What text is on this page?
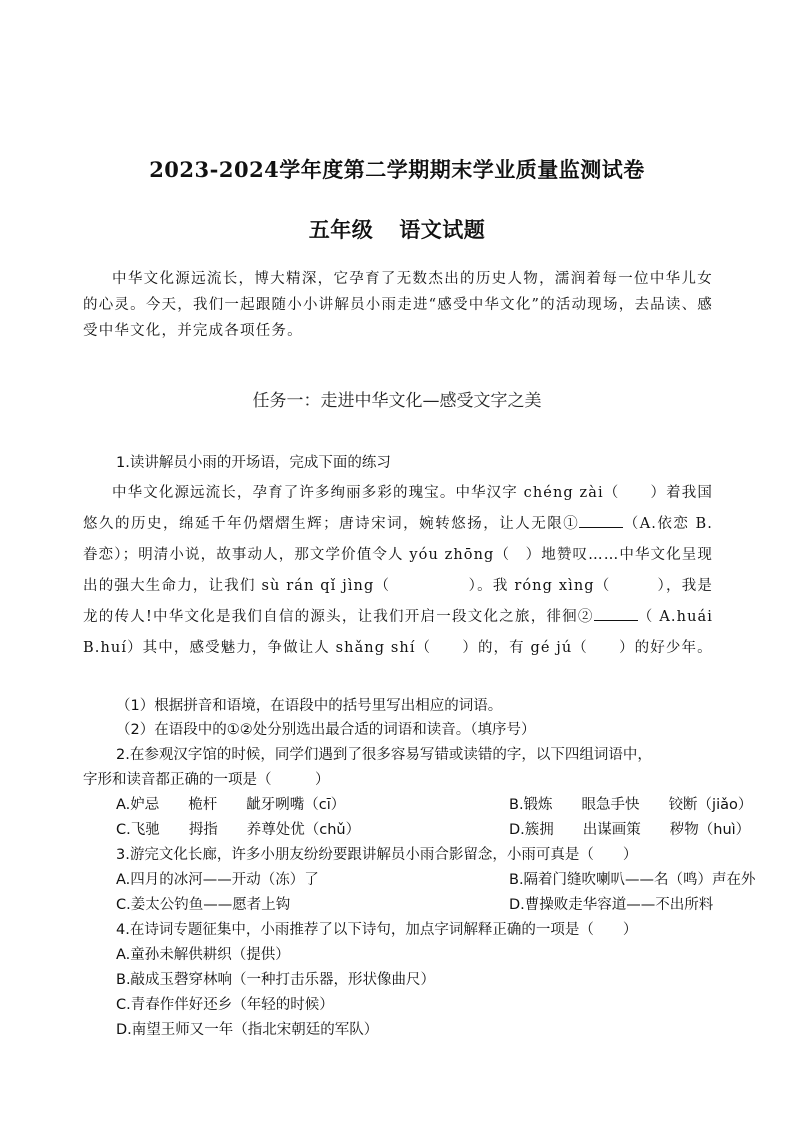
2023-2024学年度第二学期期末学业质量监测试卷
五年级 语文试题
中华文化源远流长，博大精深，它孕育了无数杰出的历史人物，濡润着每一位中华儿女的心灵。今天，我们一起跟随小小讲解员小雨走进“感受中华文化”的活动现场，去品读、感受中华文化，并完成各项任务。
任务一：走进中华文化—感受文字之美
1.读讲解员小雨的开场语，完成下面的练习
中华文化源远流长，孕育了许多绚丽多彩的瑰宝。中华汉字 chéng zài（　　）着我国悠久的历史，绵延千年仍熠熠生辉；唐诗宋词，婉转悠扬，让人无限①	（A.依恋 B.眷恋）；明清小说，故事动人，那文学价值令人 yóu zhōng（　）地赞叹……中华文化呈现出的强大生命力，让我们 sù rán qǐ jìng（　　　　　）。我 róng xìng（　　　），我是龙的传人!中华文化是我们自信的源头，让我们开启一段文化之旅，徘徊②	（ A.huái　B.huí）其中，感受魅力，争做让人 shǎng shí（　　）的，有 gé jú（　　）的好少年。
（1）根据拼音和语境，在语段中的括号里写出相应的词语。
（2）在语段中的①②处分别选出最合适的词语和读音。（填序号）
2.在参观汉字馆的时候，同学们遇到了很多容易写错或读错的字，以下四组词语中，
字形和读音都正确的一项是（　　　）
A.妒忌　　桅杆　　龇牙咧嘴（cī）	B.锻炼　　眼急手快　　铰断（jiǎo）
C.飞驰　　拇指　　养尊处优（chǔ）	D.簇拥　　出谋画策　　秽物（huì）
3.游完文化长廊，许多小朋友纷纷要跟讲解员小雨合影留念，小雨可真是（　　）
A.四月的冰河——开动（冻）了	B.隔着门缝吹喇叭——名（鸣）声在外
C.姜太公钓鱼——愿者上钩	D.曹操败走华容道——不出所料
4.在诗词专题征集中，小雨推荐了以下诗句，加点字词解释正确的一项是（　　）
A.童孙未解供耕织（提供）
B.敲成玉磬穿林响（一种打击乐器，形状像曲尺）
C.青春作伴好还乡（年轻的时候）
D.南望王师又一年（指北宋朝廷的军队）
